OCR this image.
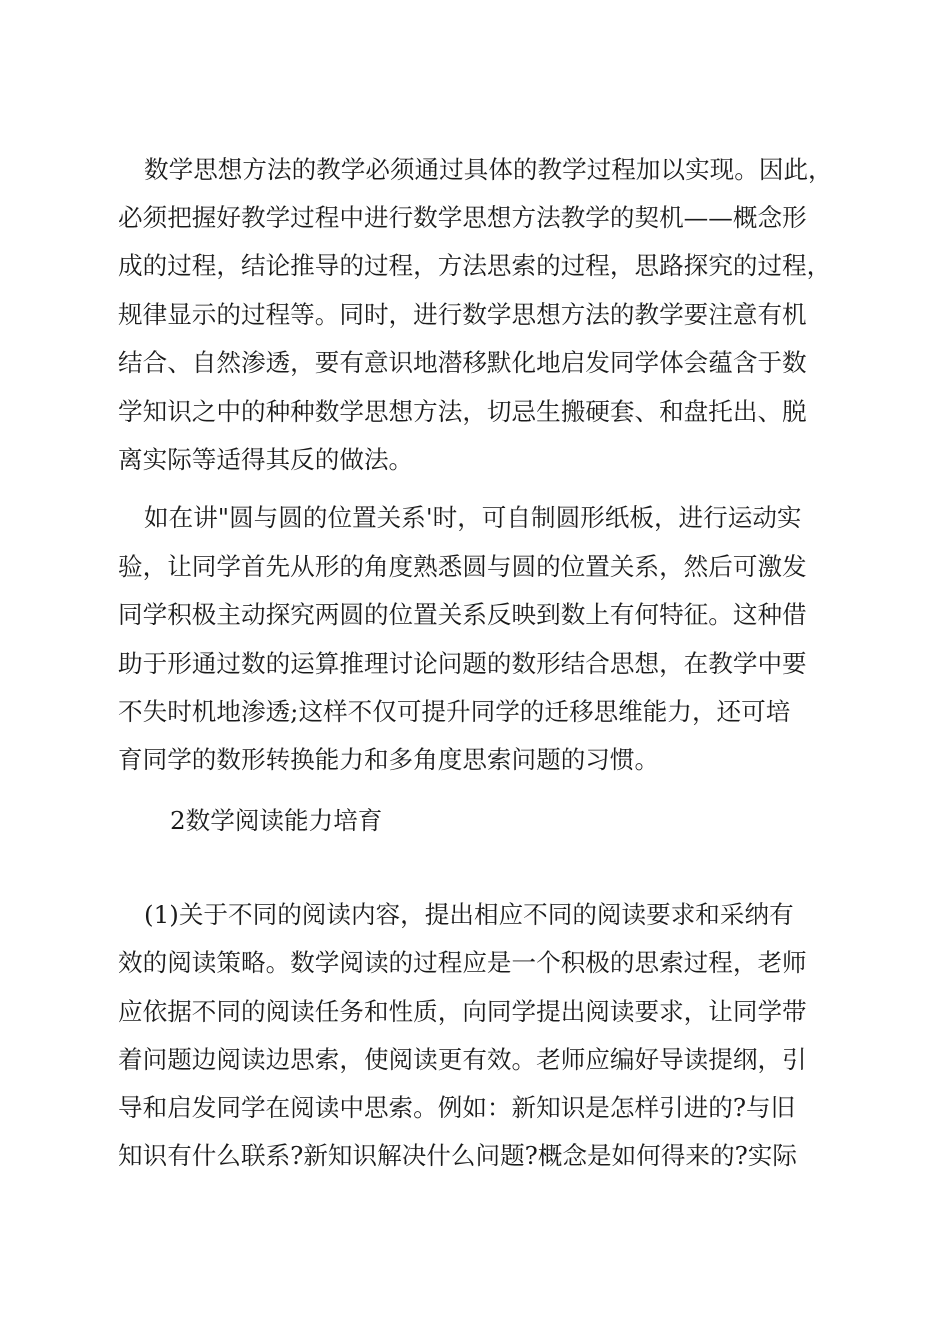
数学思想方法的教学必须通过具体的教学过程加以实现。因此，
必须把握好教学过程中进行数学思想方法教学的契机——概念形
成的过程，结论推导的过程，方法思索的过程，思路探究的过程，
规律显示的过程等。同时，进行数学思想方法的教学要注意有机
结合、自然渗透，要有意识地潜移默化地启发同学体会蕴含于数
学知识之中的种种数学思想方法，切忌生搬硬套、和盘托出、脱
离实际等适得其反的做法。
如在讲"圆与圆的位置关系'时，可自制圆形纸板，进行运动实
验，让同学首先从形的角度熟悉圆与圆的位置关系，然后可激发
同学积极主动探究两圆的位置关系反映到数上有何特征。这种借
助于形通过数的运算推理讨论问题的数形结合思想，在教学中要
不失时机地渗透;这样不仅可提升同学的迁移思维能力，还可培
育同学的数形转换能力和多角度思索问题的习惯。
2数学阅读能力培育
(1)关于不同的阅读内容，提出相应不同的阅读要求和采纳有
效的阅读策略。数学阅读的过程应是一个积极的思索过程，老师
应依据不同的阅读任务和性质，向同学提出阅读要求，让同学带
着问题边阅读边思索，使阅读更有效。老师应编好导读提纲，引
导和启发同学在阅读中思索。例如：新知识是怎样引进的?与旧
知识有什么联系?新知识解决什么问题?概念是如何得来的?实际
